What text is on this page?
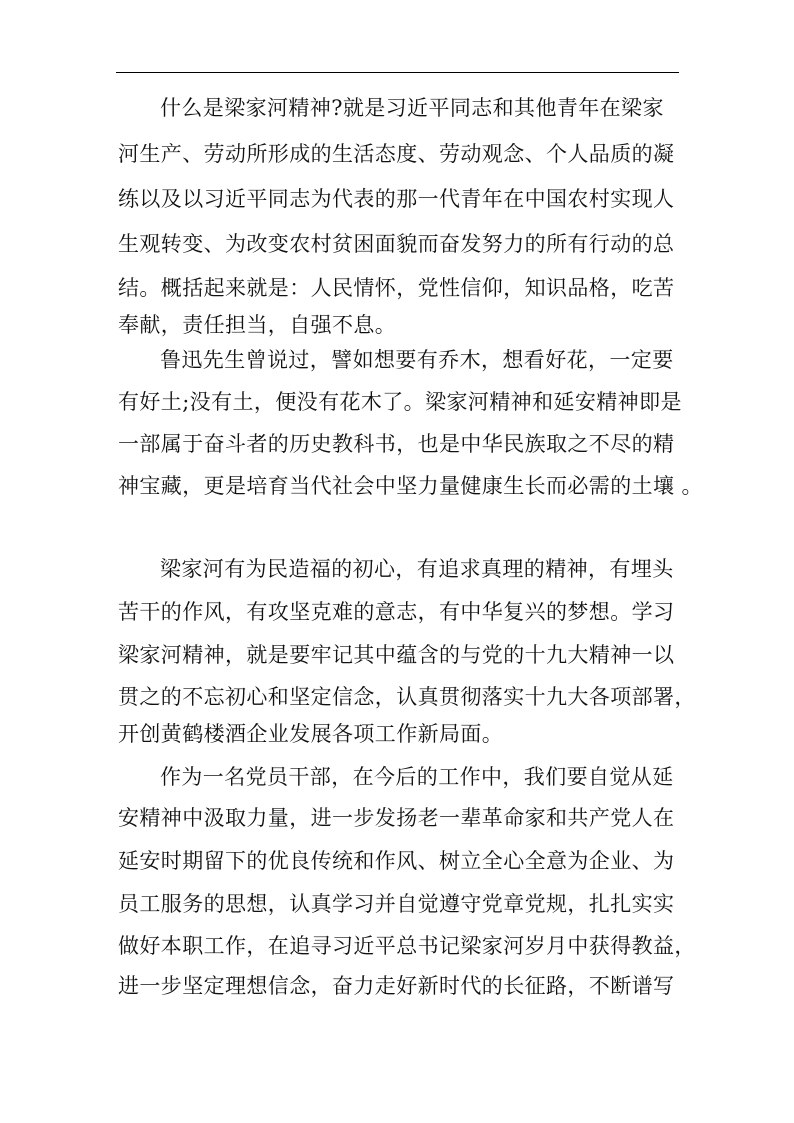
什么是梁家河精神?就是习近平同志和其他青年在梁家
河生产、劳动所形成的生活态度、劳动观念、个人品质的凝
练以及以习近平同志为代表的那一代青年在中国农村实现人
生观转变、为改变农村贫困面貌而奋发努力的所有行动的总
结。概括起来就是：人民情怀，党性信仰，知识品格，吃苦
奉献，责任担当，自强不息。
鲁迅先生曾说过，譬如想要有乔木，想看好花，一定要
有好土;没有土，便没有花木了。梁家河精神和延安精神即是
一部属于奋斗者的历史教科书，也是中华民族取之不尽的精
神宝藏，更是培育当代社会中坚力量健康生长而必需的土壤 。
梁家河有为民造福的初心，有追求真理的精神，有埋头
苦干的作风，有攻坚克难的意志，有中华复兴的梦想。学习
梁家河精神，就是要牢记其中蕴含的与党的十九大精神一以
贯之的不忘初心和坚定信念，认真贯彻落实十九大各项部署，
开创黄鹤楼酒企业发展各项工作新局面。
作为一名党员干部，在今后的工作中，我们要自觉从延
安精神中汲取力量，进一步发扬老一辈革命家和共产党人在
延安时期留下的优良传统和作风、树立全心全意为企业、为
员工服务的思想，认真学习并自觉遵守党章党规，扎扎实实
做好本职工作，在追寻习近平总书记梁家河岁月中获得教益，
进一步坚定理想信念，奋力走好新时代的长征路，不断谱写
